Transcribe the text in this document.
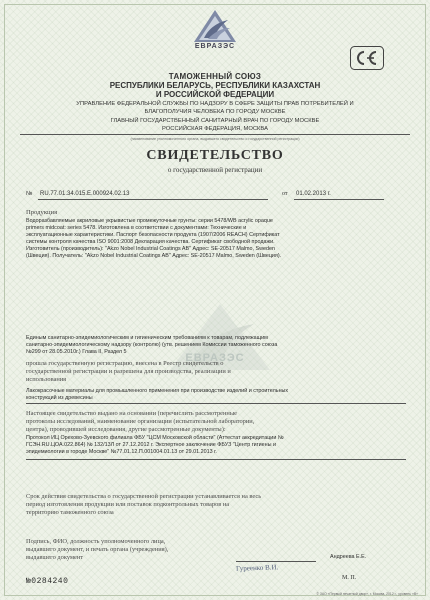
ЕВРАЗЭС
ТАМОЖЕННЫЙ СОЮЗ
РЕСПУБЛИКИ БЕЛАРУСЬ, РЕСПУБЛИКИ КАЗАХСТАН
И РОССИЙСКОЙ ФЕДЕРАЦИИ
УПРАВЛЕНИЕ ФЕДЕРАЛЬНОЙ СЛУЖБЫ ПО НАДЗОРУ В СФЕРЕ ЗАЩИТЫ ПРАВ ПОТРЕБИТЕЛЕЙ И
БЛАГОПОЛУЧИЯ ЧЕЛОВЕКА ПО ГОРОДУ МОСКВЕ
ГЛАВНЫЙ ГОСУДАРСТВЕННЫЙ САНИТАРНЫЙ ВРАЧ ПО ГОРОДУ МОСКВЕ
РОССИЙСКАЯ ФЕДЕРАЦИЯ, МОСКВА
(наименование уполномоченного органа, выдавшего свидетельство о государственной регистрации)
СВИДЕТЕЛЬСТВО
о государственной регистрации
№ RU.77.01.34.015.Е.000924.02.13	от 01.02.2013 г.
Продукция
Водоразбавляемые акриловые укрывистые промежуточные грунты: серии 5478/WB acrylic opaque
primers midcoat: series 5478. Изготовлена в соответствии с документами: Технические и
эксплуатационные характеристики. Паспорт безопасности продукта (1907/2006 REACH) Сертификат
системы контроля качества ISO 9001:2008 Декларация качества. Сертификат свободной продажи.
Изготовитель (производитель): "Akzo Nobel Industrial Coatings AB" Адрес: SE-20517 Malmo, Sweden
(Швеция). Получатель: "Akzo Nobel Industrial Coatings AB" Адрес: SE-20517 Malmo, Sweden (Швеция).
ЕВРАЗЭС
Единым санитарно-эпидемиологическим и гигиеническим требованиям к товарам, подлежащим
санитарно-эпидемиологическому надзору (контролю) (утв. решением Комиссии таможенного союза
№299 от 28.05.2010г.) Глава II, Раздел 5
прошла государственную регистрацию, внесена в Реестр свидетельств о
государственной регистрации и разрешена для производства, реализации и
использования
Лакокрасочные материалы для промышленного применения при производстве изделий и строительных
конструкций из древесины
Настоящее свидетельство выдано на основании (перечислить рассмотренные
протоколы исследований, наименование организации (испытательной лаборатории,
центра), проводившей исследования, другие рассмотренные документы):
Протокол ИЦ Орехово-Зуевского филиала ФБУ "ЦСМ Московской области" (Аттестат аккредитации №
ГСЭН.RU.ЦОА.022.864) № 132/13Л от 27.12.2012 г. Экспертное заключение ФБУЗ "Центр гигиены и
эпидемиологии в городе Москве" №77.01.12.П.001004.01.13 от 29.01.2013 г.
Срок действия свидетельства о государственной регистрации устанавливается на весь
период изготовления продукции или поставок подконтрольных товаров на
территорию таможенного союза
Подпись, ФИО, должность уполномоченного лица,
выдавшего документ, и печать органа (учреждения),
выдавшего документ	Андреева Е.Е.
Гуреенко В.И.
М. П.
№0284240
© ЗАО «Первый печатный двор», г. Москва, 2012 г., уровень «В»
